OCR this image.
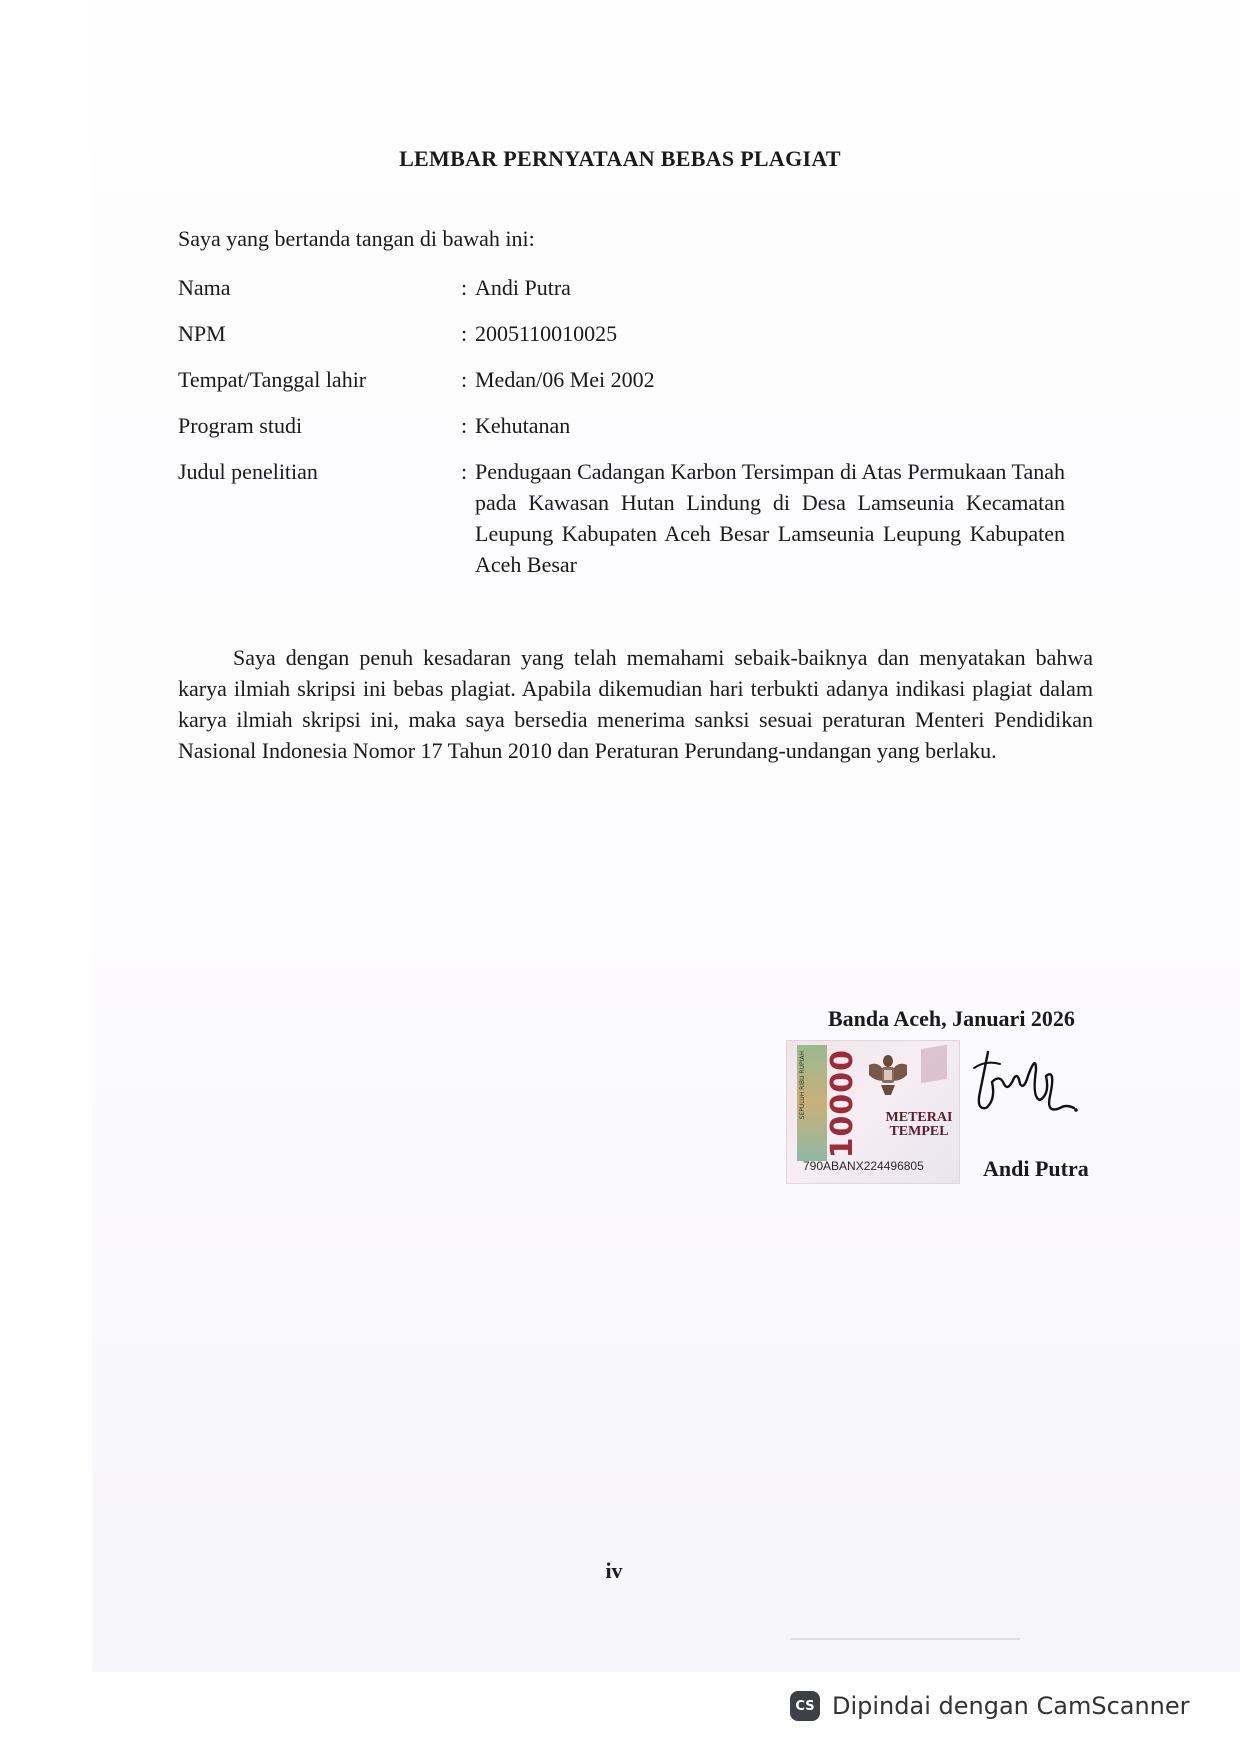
LEMBAR PERNYATAAN BEBAS PLAGIAT
Saya yang bertanda tangan di bawah ini:
Nama	: Andi Putra
NPM	: 2005110010025
Tempat/Tanggal lahir	: Medan/06 Mei 2002
Program studi	: Kehutanan
Judul penelitian	: Pendugaan Cadangan Karbon Tersimpan di Atas Permukaan Tanah pada Kawasan Hutan Lindung di Desa Lamseunia Kecamatan Leupung Kabupaten Aceh Besar Lamseunia Leupung Kabupaten Aceh Besar
Saya dengan penuh kesadaran yang telah memahami sebaik-baiknya dan menyatakan bahwa karya ilmiah skripsi ini bebas plagiat. Apabila dikemudian hari terbukti adanya indikasi plagiat dalam karya ilmiah skripsi ini, maka saya bersedia menerima sanksi sesuai peraturan Menteri Pendidikan Nasional Indonesia Nomor 17 Tahun 2010 dan Peraturan Perundang-undangan yang berlaku.
Banda Aceh, Januari 2026
SEPULUH RIBU RUPIAH 10000	METERAI
TEMPEL
790ABANX224496805	Andi Putra
iv
CS Dipindai dengan CamScanner
